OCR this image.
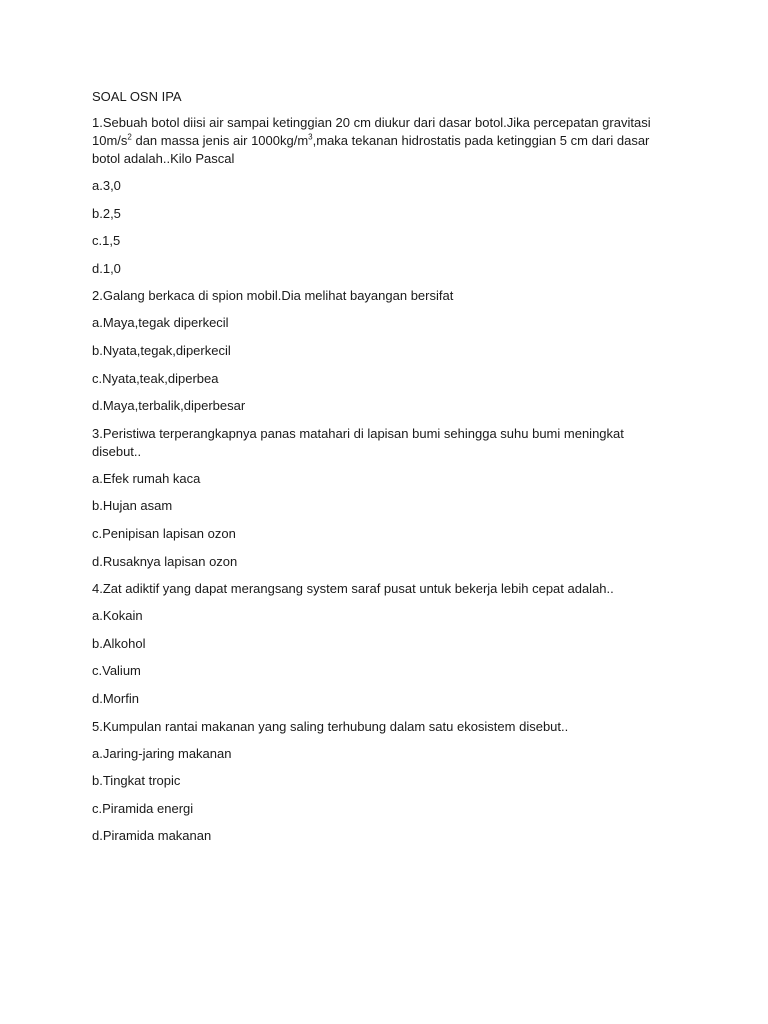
SOAL OSN IPA

1.Sebuah botol diisi air sampai ketinggian 20 cm diukur dari dasar botol.Jika percepatan gravitasi $10m/s^2$ dan massa jenis air $1000kg/m^3,maka$ tekanan hidrostatis pada ketinggian 5 cm dari dasar botol adalah..Kilo Pascal

a.3,0

b.2,5

c.1,5

d.1,0

2.Galang berkaca di spion mobil.Dia melihat bayangan bersifat

a.Maya,tegak diperkecil

b.Nyata,tegak,diperkecil

c.Nyata,teak,diperbea

d.Maya,terbalik,diperbesar

3.Peristiwa terperangkapnya panas matahari di lapisan bumi sehingga suhu bumi meningkat disebut..

a.Efek rumah kaca

b.Hujan asam

c.Penipisan lapisan ozon

d.Rusaknya lapisan ozon

4.Zat adiktif yang dapat merangsang system saraf pusat untuk bekerja lebih cepat adalah..

a.Kokain

b.Alkohol

c.Valium

d.Morfin

5.Kumpulan rantai makanan yang saling terhubung dalam satu ekosistem disebut..

a.Jaring-jaring makanan

b.Tingkat tropic

c.Piramida energi

d.Piramida makanan
